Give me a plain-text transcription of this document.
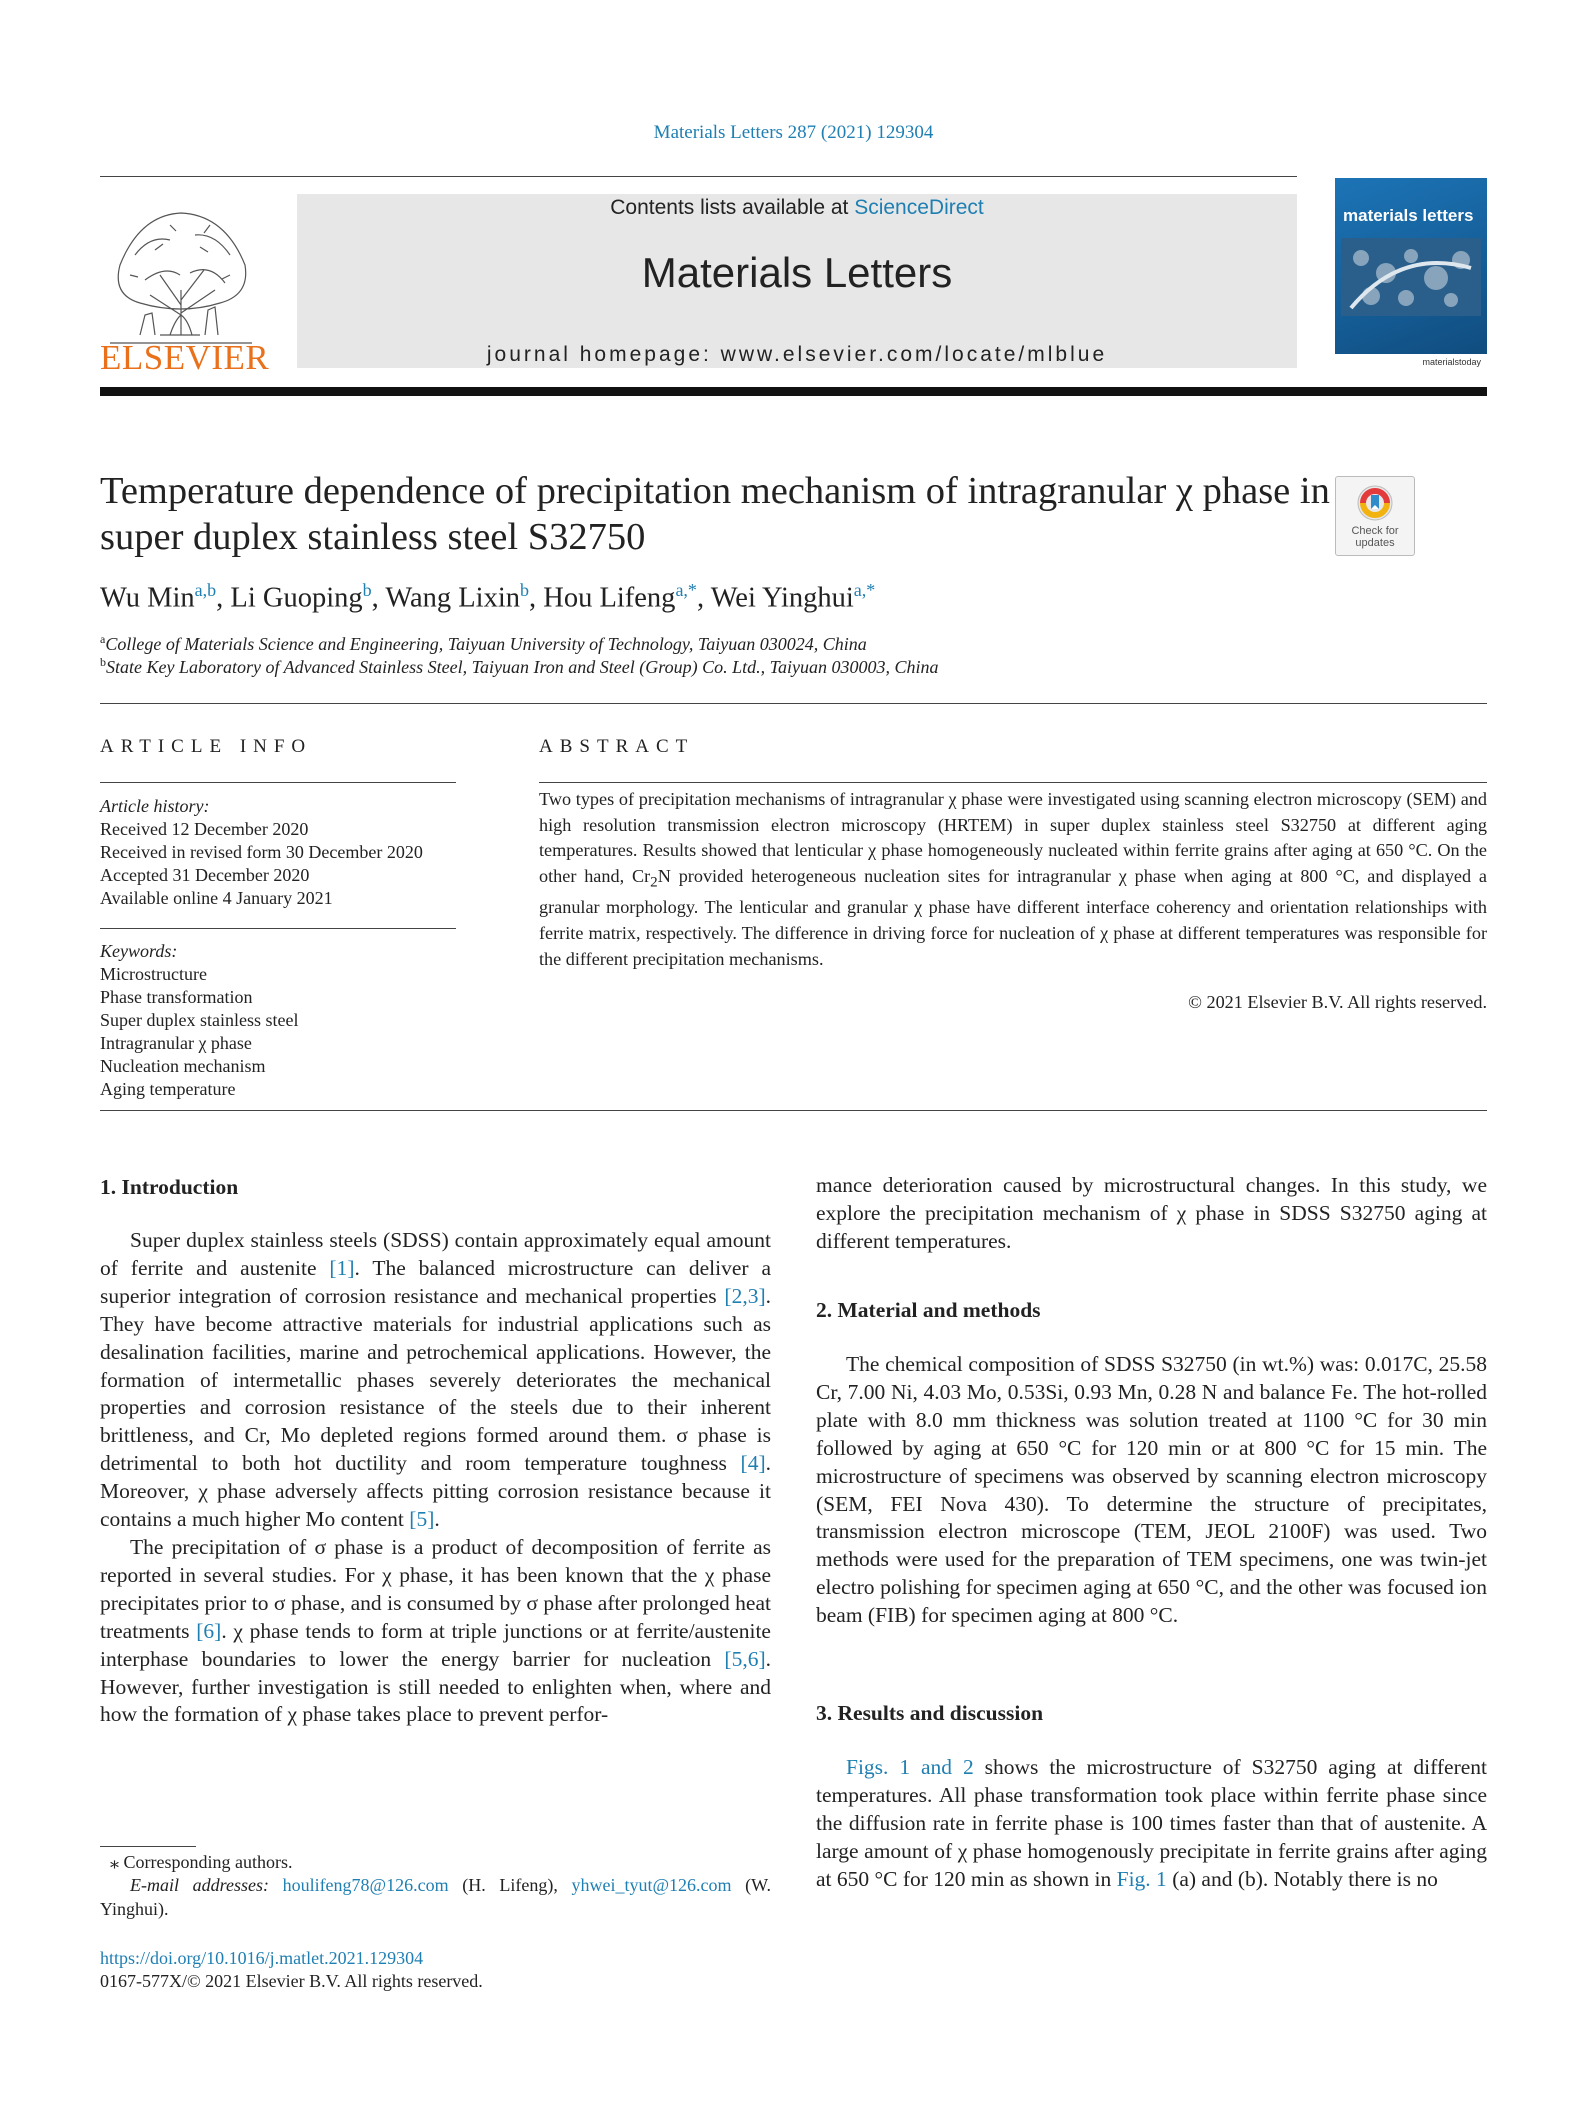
Materials Letters 287 (2021) 129304
ELSEVIER
Contents lists available at ScienceDirect
Materials Letters
journal homepage: www.elsevier.com/locate/mlblue
materials letters
materialstoday
Temperature dependence of precipitation mechanism of intragranular χ phase in super duplex stainless steel S32750	Check for
updates
Wu Min$^{a,b}$, Li Guoping$^b$, Wang Lixin$^b$, Hou Lifeng$^{a,*}$, Wei Yinghui$^{a,*}$
$^a$College of Materials Science and Engineering, Taiyuan University of Technology, Taiyuan 030024, China
$^b$State Key Laboratory of Advanced Stainless Steel, Taiyuan Iron and Steel (Group) Co. Ltd., Taiyuan 030003, China
ARTICLE INFO
Article history:
Received 12 December 2020
Received in revised form 30 December 2020
Accepted 31 December 2020
Available online 4 January 2021
Keywords:
Microstructure
Phase transformation
Super duplex stainless steel
Intragranular χ phase
Nucleation mechanism
Aging temperature
ABSTRACT
Two types of precipitation mechanisms of intragranular χ phase were investigated using scanning electron microscopy (SEM) and high resolution transmission electron microscopy (HRTEM) in super duplex stainless steel S32750 at different aging temperatures. Results showed that lenticular χ phase homogeneously nucleated within ferrite grains after aging at 650 °C. On the other hand, $Cr_2N$ provided heterogeneous nucleation sites for intragranular χ phase when aging at 800 °C, and displayed a granular morphology. The lenticular and granular χ phase have different interface coherency and orientation relationships with ferrite matrix, respectively. The difference in driving force for nucleation of χ phase at different temperatures was responsible for the different precipitation mechanisms.
© 2021 Elsevier B.V. All rights reserved.
1. Introduction

Super duplex stainless steels (SDSS) contain approximately equal amount of ferrite and austenite [1]. The balanced microstructure can deliver a superior integration of corrosion resistance and mechanical properties [2,3]. They have become attractive materials for industrial applications such as desalination facilities, marine and petrochemical applications. However, the formation of intermetallic phases severely deteriorates the mechanical properties and corrosion resistance of the steels due to their inherent brittleness, and Cr, Mo depleted regions formed around them. σ phase is detrimental to both hot ductility and room temperature toughness [4]. Moreover, χ phase adversely affects pitting corrosion resistance because it contains a much higher Mo content [5].

The precipitation of σ phase is a product of decomposition of ferrite as reported in several studies. For χ phase, it has been known that the χ phase precipitates prior to σ phase, and is consumed by σ phase after prolonged heat treatments [6]. χ phase tends to form at triple junctions or at ferrite/austenite interphase boundaries to lower the energy barrier for nucleation [5,6]. However, further investigation is still needed to enlighten when, where and how the formation of χ phase takes place to prevent perfor-

mance deterioration caused by microstructural changes. In this study, we explore the precipitation mechanism of χ phase in SDSS S32750 aging at different temperatures.

2. Material and methods

The chemical composition of SDSS S32750 (in wt.%) was: 0.017C, 25.58 Cr, 7.00 Ni, 4.03 Mo, 0.53Si, 0.93 Mn, 0.28 N and balance Fe. The hot-rolled plate with 8.0 mm thickness was solution treated at 1100 °C for 30 min followed by aging at 650 °C for 120 min or at 800 °C for 15 min. The microstructure of specimens was observed by scanning electron microscopy (SEM, FEI Nova 430). To determine the structure of precipitates, transmission electron microscope (TEM, JEOL 2100F) was used. Two methods were used for the preparation of TEM specimens, one was twin-jet electro polishing for specimen aging at 650 °C, and the other was focused ion beam (FIB) for specimen aging at 800 °C.

3. Results and discussion

Figs. 1 and 2 shows the microstructure of S32750 aging at different temperatures. All phase transformation took place within ferrite phase since the diffusion rate in ferrite phase is 100 times faster than that of austenite. A large amount of χ phase homogenously precipitate in ferrite grains after aging at 650 °C for 120 min as shown in Fig. 1 (a) and (b). Notably there is no

⁎ Corresponding authors.
E-mail addresses: houlifeng78@126.com (H. Lifeng), yhwei_tyut@126.com (W. Yinghui).
https://doi.org/10.1016/j.matlet.2021.129304
0167-577X/© 2021 Elsevier B.V. All rights reserved.
